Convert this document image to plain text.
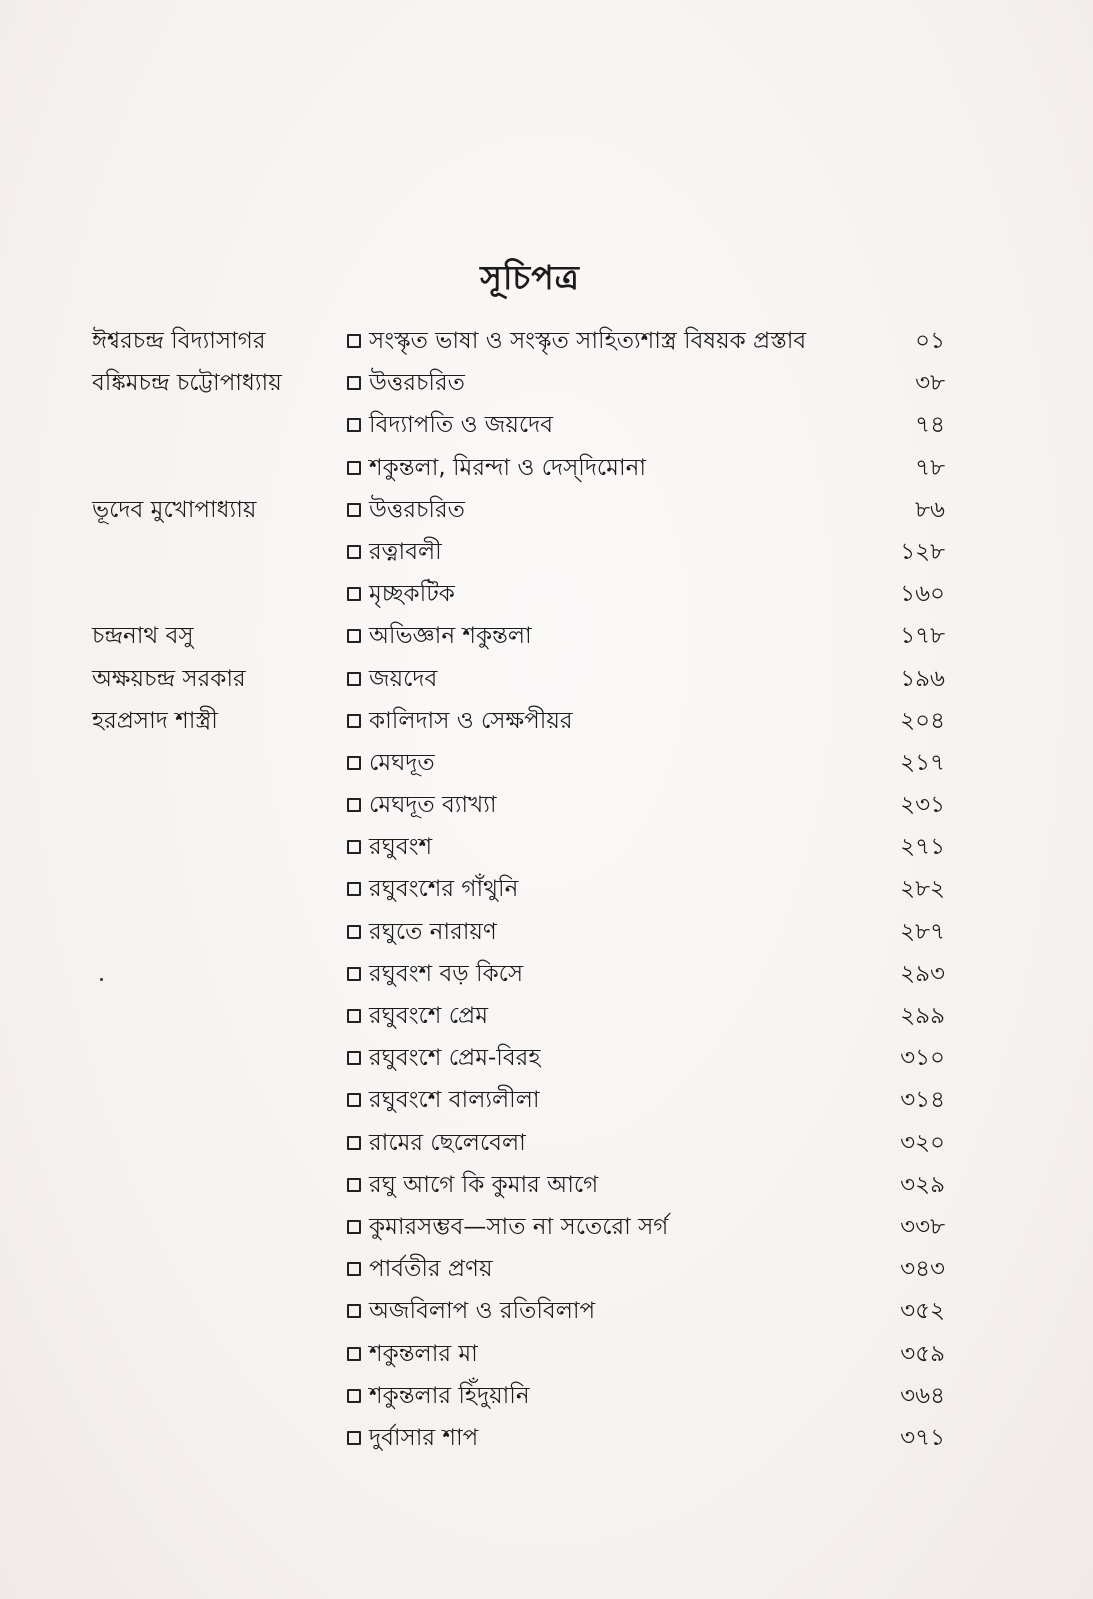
সূচিপত্র
ঈশ্বরচন্দ্র বিদ্যাসাগর	সংস্কৃত ভাষা ও সংস্কৃত সাহিত্যশাস্ত্র বিষয়ক প্রস্তাব	০১
বঙ্কিমচন্দ্র চট্টোপাধ্যায়	উত্তরচরিত	৩৮
বিদ্যাপতি ও জয়দেব	৭৪
শকুন্তলা, মিরন্দা ও দেস্‌দিমোনা	৭৮
ভূদেব মুখোপাধ্যায়	উত্তরচরিত	৮৬
রত্নাবলী	১২৮
মৃচ্ছকটিক	১৬০
চন্দ্রনাথ বসু	অভিজ্ঞান শকুন্তলা	১৭৮
অক্ষয়চন্দ্র সরকার	জয়দেব	১৯৬
হরপ্রসাদ শাস্ত্রী	কালিদাস ও সেক্ষপীয়র	২০৪
মেঘদূত	২১৭
মেঘদূত ব্যাখ্যা	২৩১
রঘুবংশ	২৭১
রঘুবংশের গাঁথুনি	২৮২
রঘুতে নারায়ণ	২৮৭
রঘুবংশ বড় কিসে	২৯৩
রঘুবংশে প্রেম	২৯৯
রঘুবংশে প্রেম-বিরহ	৩১০
রঘুবংশে বাল্যলীলা	৩১৪
রামের ছেলেবেলা	৩২০
রঘু আগে কি কুমার আগে	৩২৯
কুমারসম্ভব—সাত না সতেরো সর্গ	৩৩৮
পার্বতীর প্রণয়	৩৪৩
অজবিলাপ ও রতিবিলাপ	৩৫২
শকুন্তলার মা	৩৫৯
শকুন্তলার হিঁদুয়ানি	৩৬৪
দুর্বাসার শাপ	৩৭১
